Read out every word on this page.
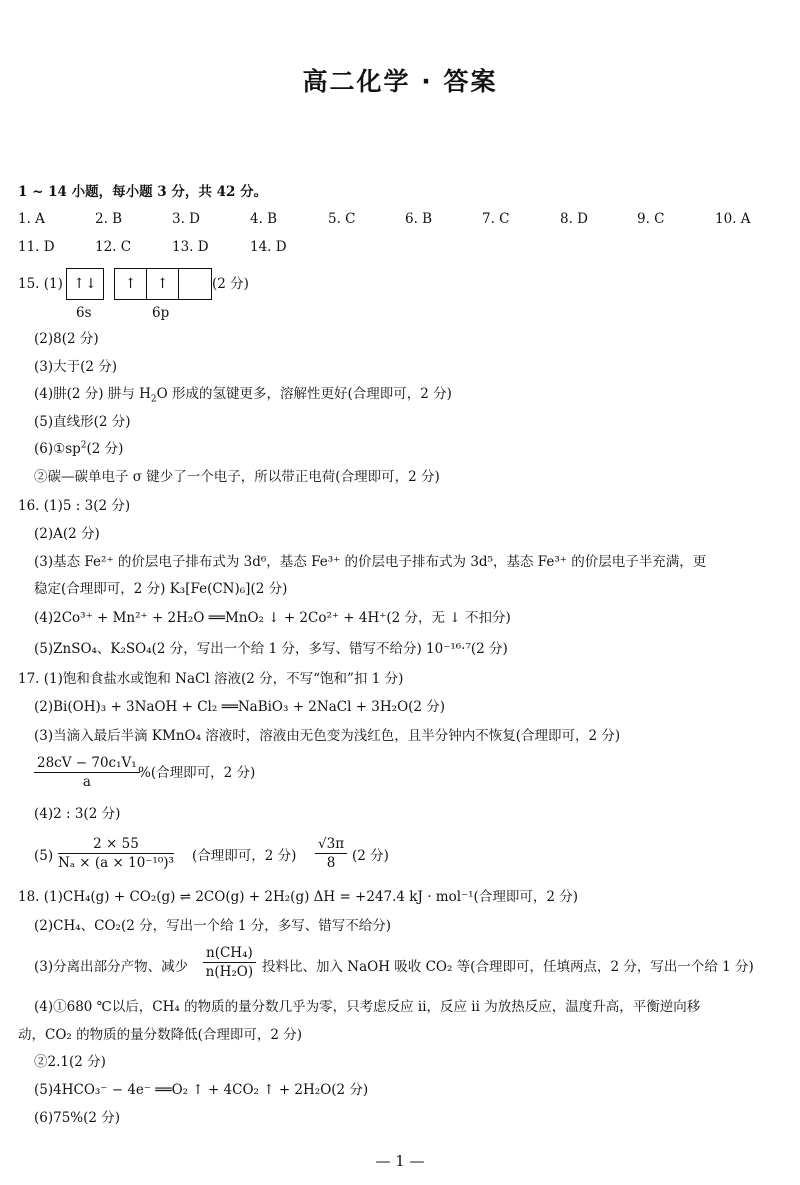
高二化学 · 答案
1 ~ 14 小题，每小题 3 分，共 42 分。
1. A	2. B	3. D	4. B	5. C	6. B	7. C	8. D	9. C	10. A
11. D	12. C	13. D	14. D
15. (1) ↑↓	↑	↑	(2 分)
6s	6p
(2)8(2 分)
(3)大于(2 分)
(4)肼(2 分) 肼与 $H_2O$ 形成的氢键更多，溶解性更好(合理即可，2 分)
(5)直线形(2 分)
$(6)①sp^2(2$ 分)
②碳—碳单电子 σ 键少了一个电子，所以带正电荷(合理即可，2 分)
16. (1)5 : 3(2 分)
(2)A(2 分)
(3)基态 Fe²⁺ 的价层电子排布式为 3d⁶，基态 Fe³⁺ 的价层电子排布式为 3d⁵，基态 Fe³⁺ 的价层电子半充满，更
稳定(合理即可，2 分) K₃[Fe(CN)₆](2 分)
(4)2Co³⁺ + Mn²⁺ + 2H₂O ══MnO₂ ↓ + 2Co²⁺ + 4H⁺(2 分，无 ↓ 不扣分)
(5)ZnSO₄、K₂SO₄(2 分，写出一个给 1 分，多写、错写不给分) 10⁻¹⁶·⁷(2 分)
17. (1)饱和食盐水或饱和 NaCl 溶液(2 分，不写“饱和”扣 1 分)
(2)Bi(OH)₃ + 3NaOH + Cl₂ ══NaBiO₃ + 2NaCl + 3H₂O(2 分)
(3)当滴入最后半滴 KMnO₄ 溶液时，溶液由无色变为浅红色，且半分钟内不恢复(合理即可，2 分)
$\frac{\text{28cV − 70c₁V₁}}{a}$
%(合理即可，2 分)
(4)2 : 3(2 分)
$(5) \frac{2 \times 55}{\text{Nₐ × (a × 10⁻¹⁰)³}}$ (合理即可，2 分) $\frac{√3\pi}{8} (2$ 分)
18. (1)CH₄(g) + CO₂(g) ⇌ 2CO(g) + 2H₂(g) ΔH = +247.4 kJ · mol⁻¹(合理即可，2 分)
(2)CH₄、CO₂(2 分，写出一个给 1 分，多写、错写不给分)
(3)分离出部分产物、减少 $\frac{\text{n(CH₄)}}{\text{n(H₂O)}}$ 投料比、加入 NaOH 吸收 CO₂ 等(合理即可，任填两点，2 分，写出一个给 1 分)
(4)①680 ℃以后，CH₄ 的物质的量分数几乎为零，只考虑反应 ⅱ，反应 ⅱ 为放热反应，温度升高，平衡逆向移
动，CO₂ 的物质的量分数降低(合理即可，2 分)
②2.1(2 分)
(5)4HCO₃⁻ − 4e⁻ ══O₂ ↑ + 4CO₂ ↑ + 2H₂O(2 分)
(6)75%(2 分)
— 1 —
